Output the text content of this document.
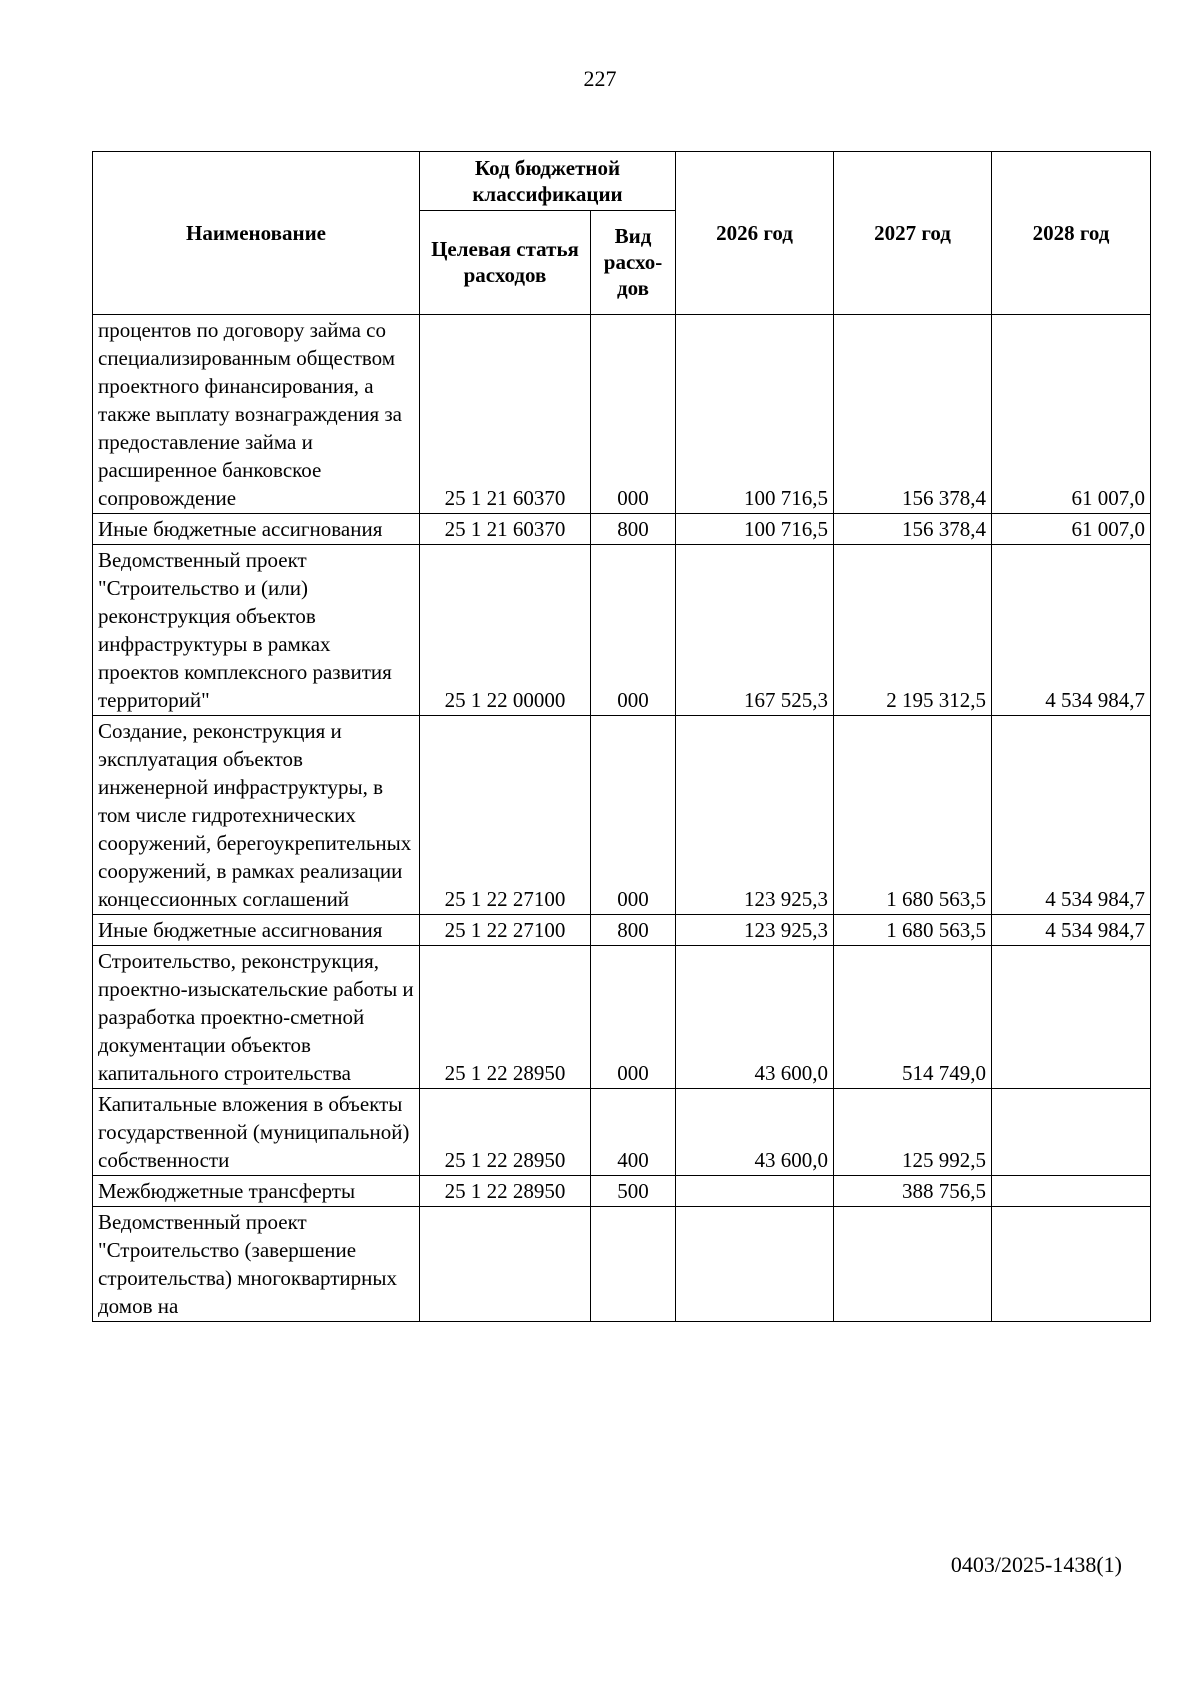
227
Наименование	Код бюджетной классификации		2026 год	2027 год	2028 год
	Целевая статья расходов	Вид расхо-дов			
процентов по договору займа со специализированным обществом проектного финансирования, а также выплату вознаграждения за предоставление займа и расширенное банковское сопровождение	25 1 21 60370	000	100 716,5	156 378,4	61 007,0
Иные бюджетные ассигнования	25 1 21 60370	800	100 716,5	156 378,4	61 007,0
Ведомственный проект "Строительство и (или) реконструкция объектов инфраструктуры в рамках проектов комплексного развития территорий"	25 1 22 00000	000	167 525,3	2 195 312,5	4 534 984,7
Создание, реконструкция и эксплуатация объектов инженерной инфраструктуры, в том числе гидротехнических сооружений, берегоукрепительных сооружений, в рамках реализации концессионных соглашений	25 1 22 27100	000	123 925,3	1 680 563,5	4 534 984,7
Иные бюджетные ассигнования	25 1 22 27100	800	123 925,3	1 680 563,5	4 534 984,7
Строительство, реконструкция, проектно-изыскательские работы и разработка проектно-сметной документации объектов капитального строительства	25 1 22 28950	000	43 600,0	514 749,0	
Капитальные вложения в объекты государственной (муниципальной) собственности	25 1 22 28950	400	43 600,0	125 992,5	
Межбюджетные трансферты	25 1 22 28950	500		388 756,5	
Ведомственный проект "Строительство (завершение строительства) многоквартирных домов на					
0403/2025-1438(1)
